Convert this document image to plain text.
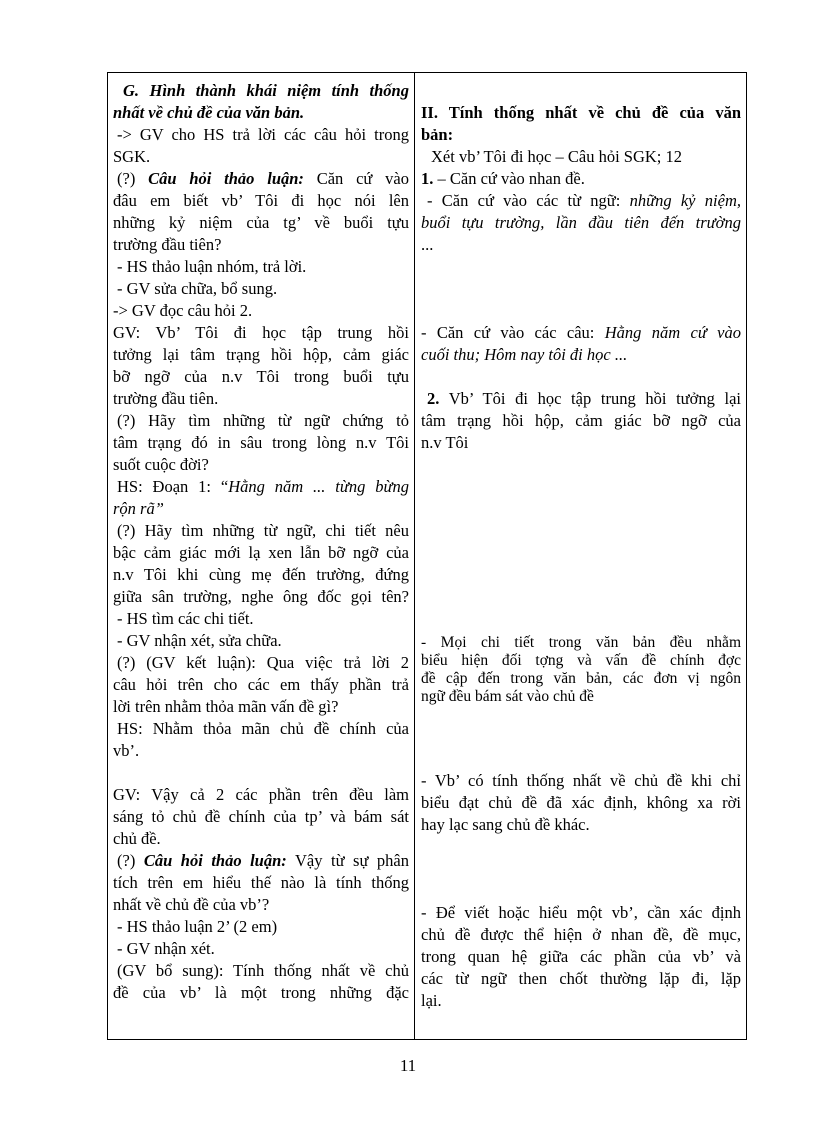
G. Hình thành khái niệm tính thống
nhất về chủ đề của văn bản.
-> GV cho HS trả lời các câu hỏi trong
SGK.
(?) Câu hỏi thảo luận: Căn cứ vào
đâu em biết vb’ Tôi đi học nói lên
những kỷ niệm của tg’ về buổi tựu
trường đầu tiên?
- HS thảo luận nhóm, trả lời.
- GV sửa chữa, bổ sung.
-> GV đọc câu hỏi 2.
GV: Vb’ Tôi đi học tập trung hồi
tưởng lại tâm trạng hồi hộp, cảm giác
bỡ ngỡ của n.v Tôi trong buổi tựu
trường đầu tiên.
(?) Hãy tìm những từ ngữ chứng tỏ
tâm trạng đó in sâu trong lòng n.v Tôi
suốt cuộc đời?
HS: Đoạn 1: “Hằng năm ... từng bừng
rộn rã”
(?) Hãy tìm những từ ngữ, chi tiết nêu
bậc cảm giác mới lạ xen lẫn bỡ ngỡ của
n.v Tôi khi cùng mẹ đến trường, đứng
giữa sân trường, nghe ông đốc gọi tên?
- HS tìm các chi tiết.
- GV nhận xét, sửa chữa.
(?) (GV kết luận): Qua việc trả lời 2
câu hỏi trên cho các em thấy phần trả
lời trên nhằm thỏa mãn vấn đề gì?
HS: Nhằm thỏa mãn chủ đề chính của
vb’.
GV: Vậy cả 2 các phần trên đều làm
sáng tỏ chủ đề chính của tp’ và bám sát
chủ đề.
(?) Câu hỏi thảo luận: Vậy từ sự phân
tích trên em hiểu thế nào là tính thống
nhất về chủ đề của vb’?
- HS thảo luận 2’ (2 em)
- GV nhận xét.
(GV bổ sung): Tính thống nhất về chủ
đề của vb’ là một trong những đặc
II. Tính thống nhất về chủ đề của văn
bản:
Xét vb’ Tôi đi học – Câu hỏi SGK; 12
1. – Căn cứ vào nhan đề.
- Căn cứ vào các từ ngữ: những kỷ niệm,
buổi tựu trường, lần đầu tiên đến trường
...
- Căn cứ vào các câu: Hằng năm cứ vào
cuối thu; Hôm nay tôi đi học ...
2. Vb’ Tôi đi học tập trung hồi tưởng lại
tâm trạng hồi hộp, cảm giác bỡ ngỡ của
n.v Tôi
- Mọi chi tiết trong văn bản đều nhằm
biểu hiện đối tợng và vấn đề chính đợc
đề cập đến trong văn bản, các đơn vị ngôn
ngữ đều bám sát vào chủ đề
- Vb’ có tính thống nhất về chủ đề khi chỉ
biểu đạt chủ đề đã xác định, không xa rời
hay lạc sang chủ đề khác.
- Để viết hoặc hiểu một vb’, cần xác định
chủ đề được thể hiện ở nhan đề, đề mục,
trong quan hệ giữa các phần của vb’ và
các từ ngữ then chốt thường lặp đi, lặp
lại.
11
